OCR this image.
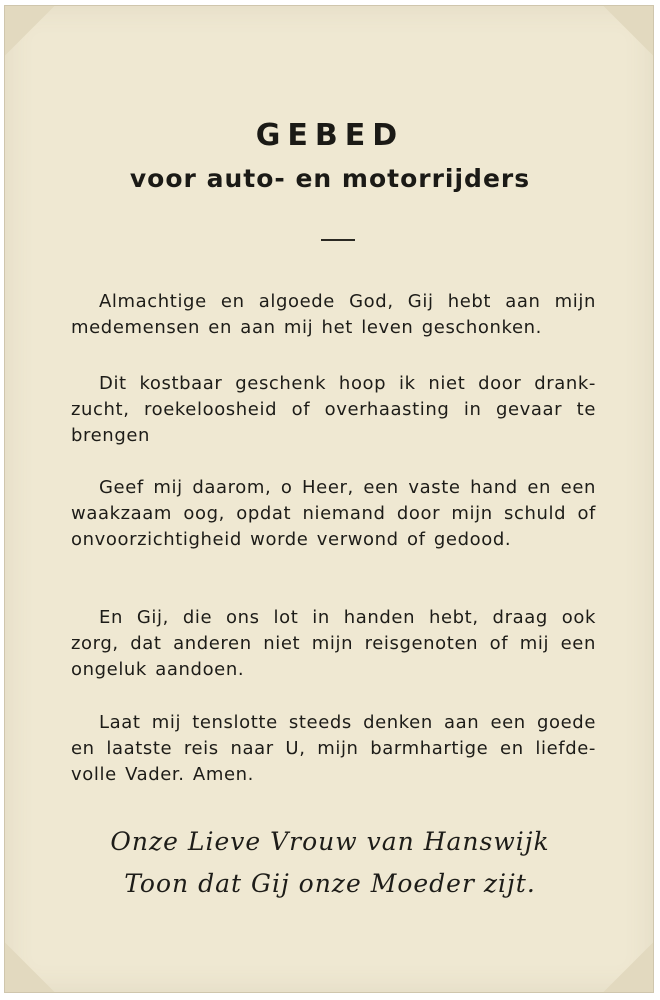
GEBED
voor auto- en motorrijders

Almachtige en algoede God, Gij hebt aan mijn medemensen en aan mij het leven geschonken.

Dit kostbaar geschenk hoop ik niet door drank-zucht, roekeloosheid of overhaasting in gevaar te brengen

Geef mij daarom, o Heer, een vaste hand en een waakzaam oog, opdat niemand door mijn schuld of onvoorzichtigheid worde verwond of gedood.

En Gij, die ons lot in handen hebt, draag ook zorg, dat anderen niet mijn reisgenoten of mij een ongeluk aandoen.

Laat mij tenslotte steeds denken aan een goede en laatste reis naar U, mijn barmhartige en liefde-volle Vader. Amen.

Onze Lieve Vrouw van Hanswijk

Toon dat Gij onze Moeder zijt.
